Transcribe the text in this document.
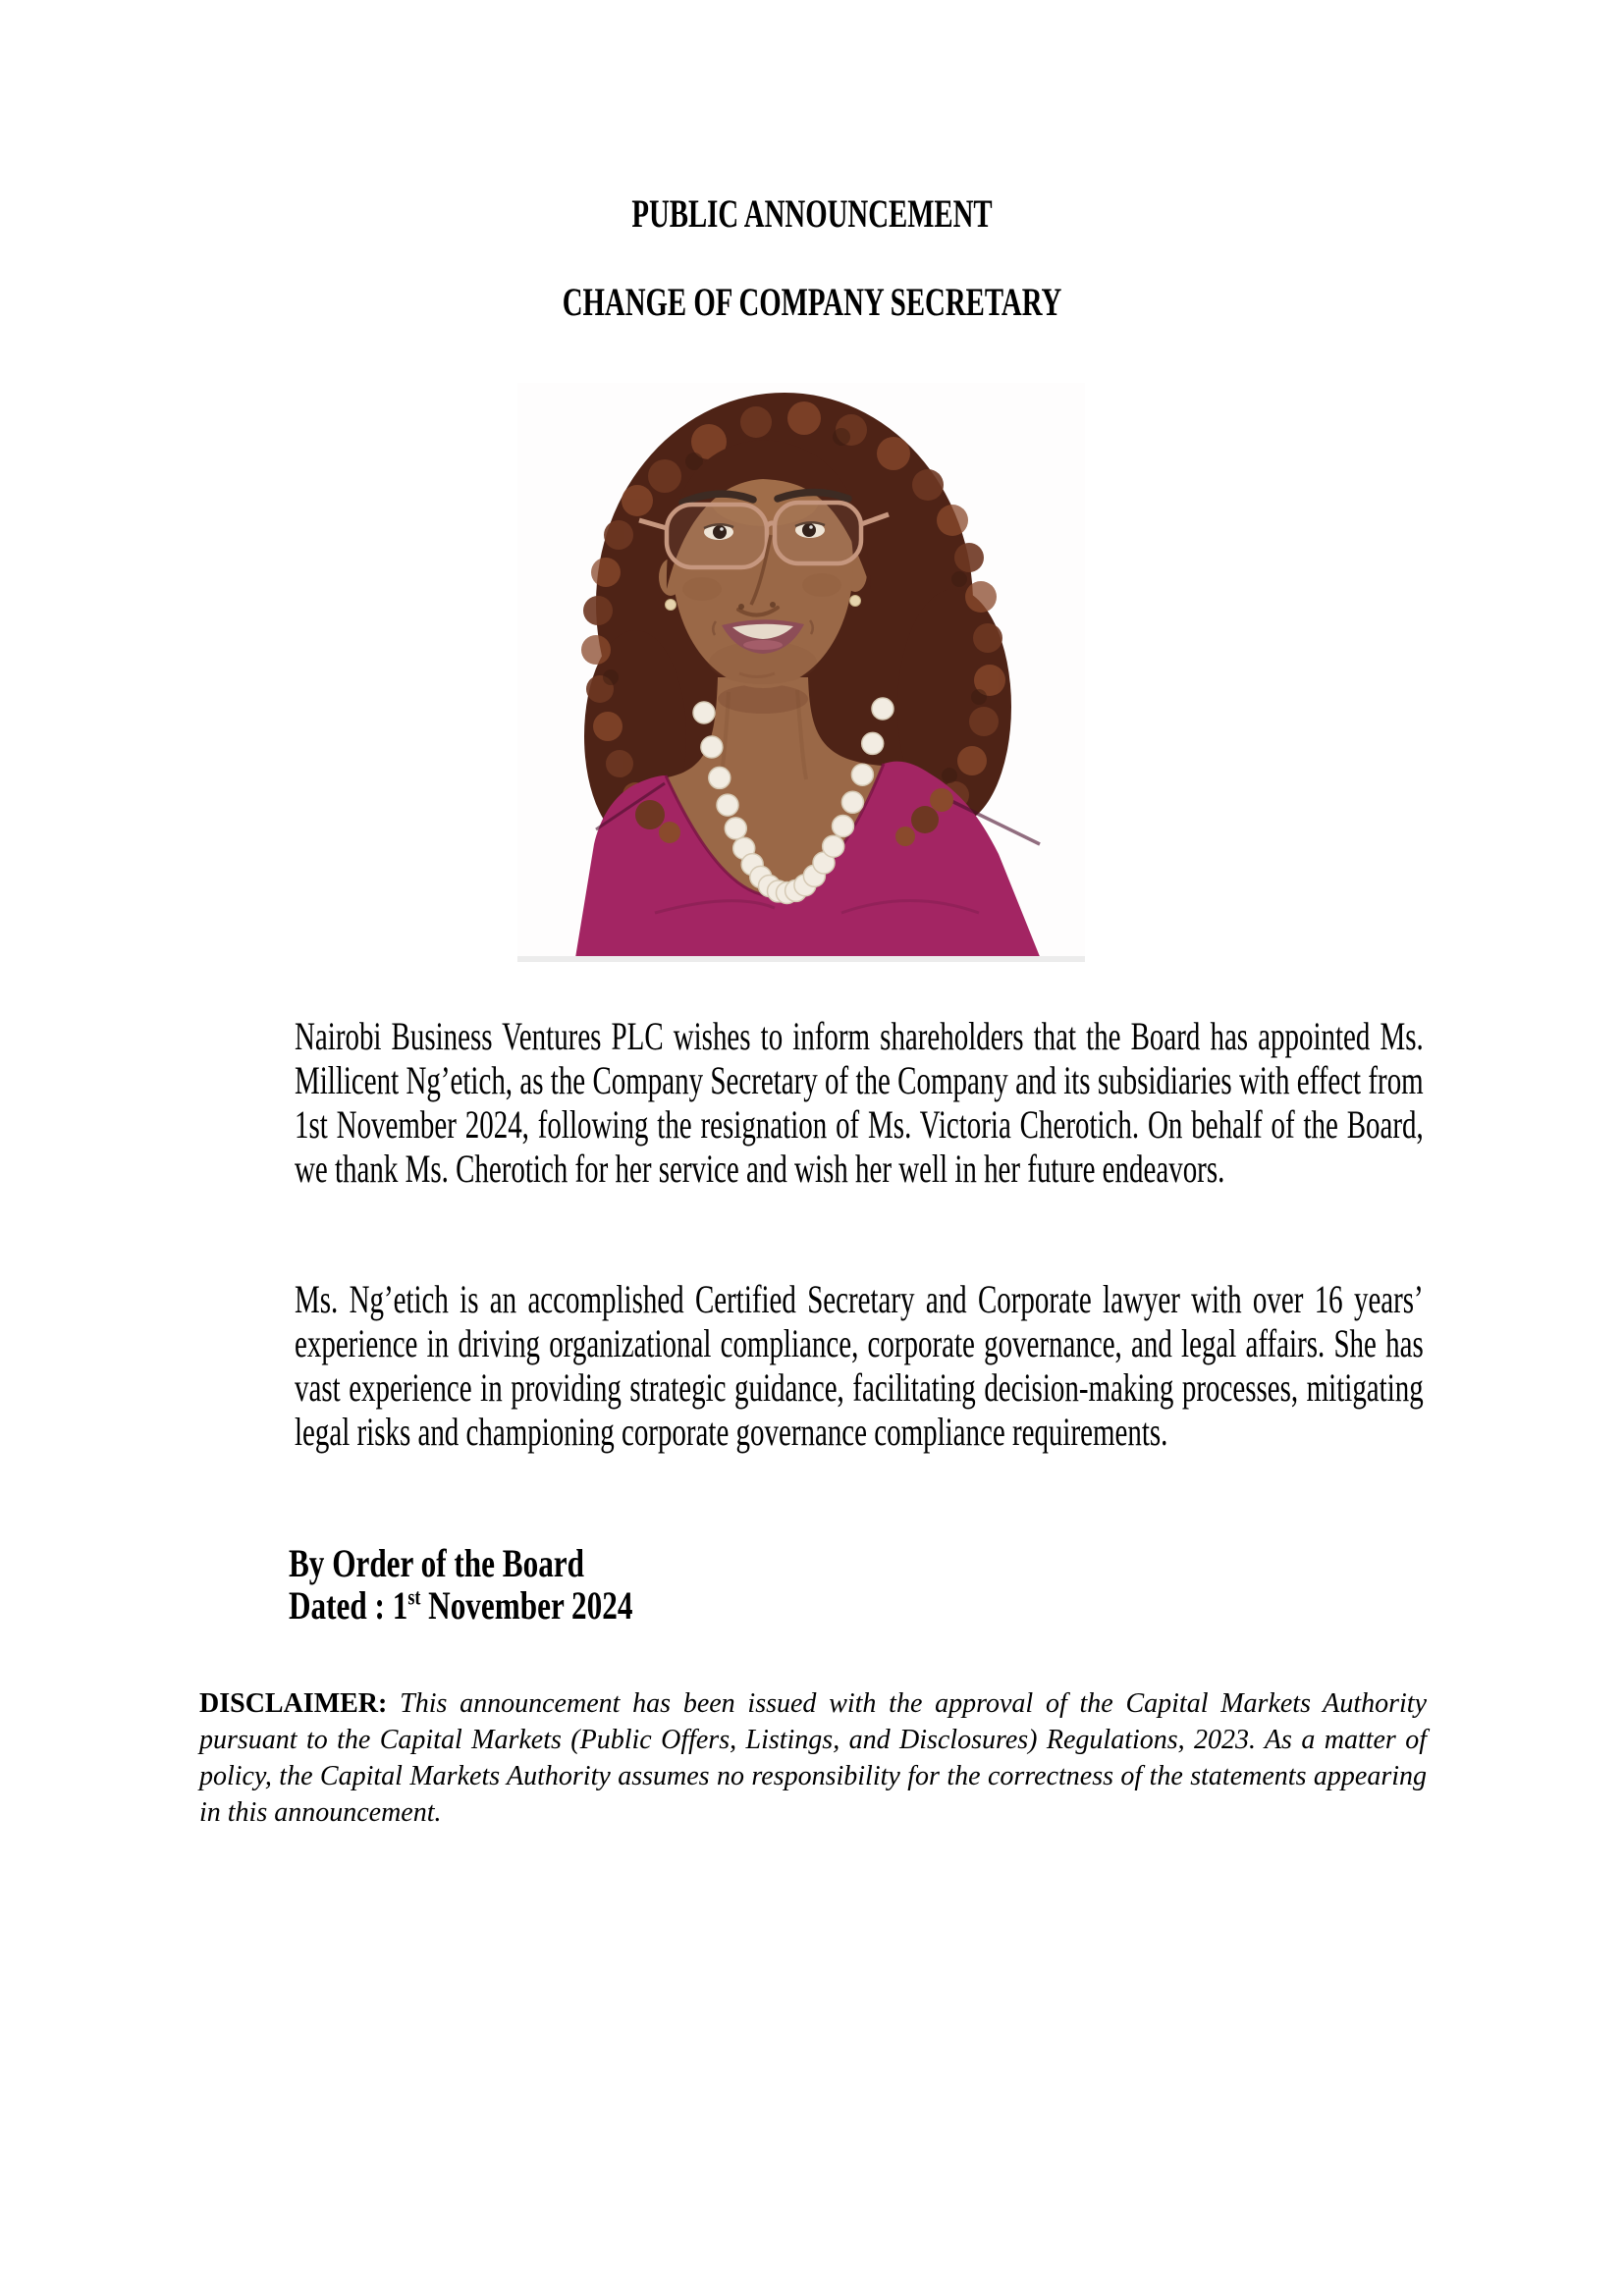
PUBLIC ANNOUNCEMENT
CHANGE OF COMPANY SECRETARY

Nairobi Business Ventures PLC wishes to inform shareholders that the Board has appointed Ms. Millicent Ng’etich, as the Company Secretary of the Company and its subsidiaries with effect from 1st November 2024, following the resignation of Ms. Victoria Cherotich. On behalf of the Board, we thank Ms. Cherotich for her service and wish her well in her future endeavors.

Ms. Ng’etich is an accomplished Certified Secretary and Corporate lawyer with over 16 years’ experience in driving organizational compliance, corporate governance, and legal affairs. She has vast experience in providing strategic guidance, facilitating decision-making processes, mitigating legal risks and championing corporate governance compliance requirements.

By Order of the Board
Dated : 1st November 2024

DISCLAIMER: This announcement has been issued with the approval of the Capital Markets Authority pursuant to the Capital Markets (Public Offers, Listings, and Disclosures) Regulations, 2023. As a matter of policy, the Capital Markets Authority assumes no responsibility for the correctness of the statements appearing in this announcement.
